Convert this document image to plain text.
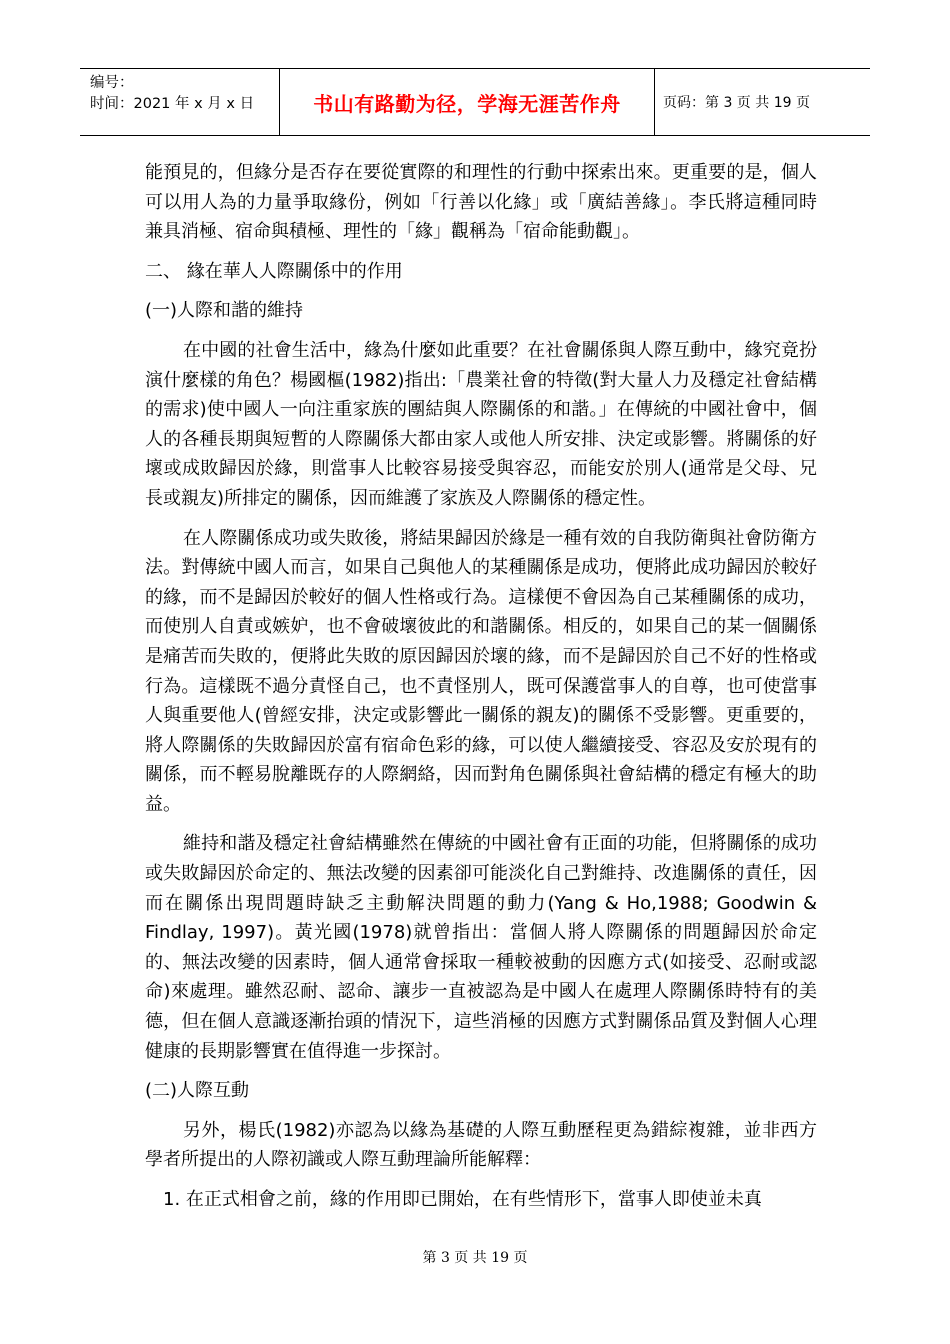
编号：
时间：2021 年 x 月 x 日	书山有路勤为径，学海无涯苦作舟	页码：第 3 页 共 19 页

能預見的，但緣分是否存在要從實際的和理性的行動中探索出來。更重要的是，個人可以用人為的力量爭取緣份，例如「行善以化緣」或「廣結善緣」。李氏將這種同時兼具消極、宿命與積極、理性的「緣」觀稱為「宿命能動觀」。

二、 緣在華人人際關係中的作用

(一)人際和諧的維持

在中國的社會生活中，緣為什麼如此重要？在社會關係與人際互動中，緣究竟扮演什麼樣的角色？楊國樞(1982)指出:「農業社會的特徵(對大量人力及穩定社會結構的需求)使中國人一向注重家族的團結與人際關係的和諧。」在傳統的中國社會中，個人的各種長期與短暫的人際關係大都由家人或他人所安排、決定或影響。將關係的好壞或成敗歸因於緣，則當事人比較容易接受與容忍，而能安於別人(通常是父母、兄長或親友)所排定的關係，因而維護了家族及人際關係的穩定性。

在人際關係成功或失敗後，將結果歸因於緣是一種有效的自我防衛與社會防衛方法。對傳統中國人而言，如果自己與他人的某種關係是成功，便將此成功歸因於較好的緣，而不是歸因於較好的個人性格或行為。這樣便不會因為自己某種關係的成功，而使別人自責或嫉妒，也不會破壞彼此的和諧關係。相反的，如果自己的某一個關係是痛苦而失敗的，便將此失敗的原因歸因於壞的緣，而不是歸因於自己不好的性格或行為。這樣既不過分責怪自己，也不責怪別人，既可保護當事人的自尊，也可使當事人與重要他人(曾經安排，決定或影響此一關係的親友)的關係不受影響。更重要的，將人際關係的失敗歸因於富有宿命色彩的緣，可以使人繼續接受、容忍及安於現有的關係，而不輕易脫離既存的人際網絡，因而對角色關係與社會結構的穩定有極大的助益。

維持和諧及穩定社會結構雖然在傳統的中國社會有正面的功能，但將關係的成功或失敗歸因於命定的、無法改變的因素卻可能淡化自己對維持、改進關係的責任，因而在關係出現問題時缺乏主動解決問題的動力(Yang & Ho,1988; Goodwin & Findlay, 1997)。黃光國(1978)就曾指出：當個人將人際關係的問題歸因於命定的、無法改變的因素時，個人通常會採取一種較被動的因應方式(如接受、忍耐或認命)來處理。雖然忍耐、認命、讓步一直被認為是中國人在處理人際關係時特有的美德，但在個人意識逐漸抬頭的情況下，這些消極的因應方式對關係品質及對個人心理健康的長期影響實在值得進一步探討。

(二)人際互動

另外，楊氏(1982)亦認為以緣為基礎的人際互動歷程更為錯綜複雜，並非西方學者所提出的人際初識或人際互動理論所能解釋：

1. 在正式相會之前，緣的作用即已開始，在有些情形下，當事人即使並未真

第 3 页 共 19 页
